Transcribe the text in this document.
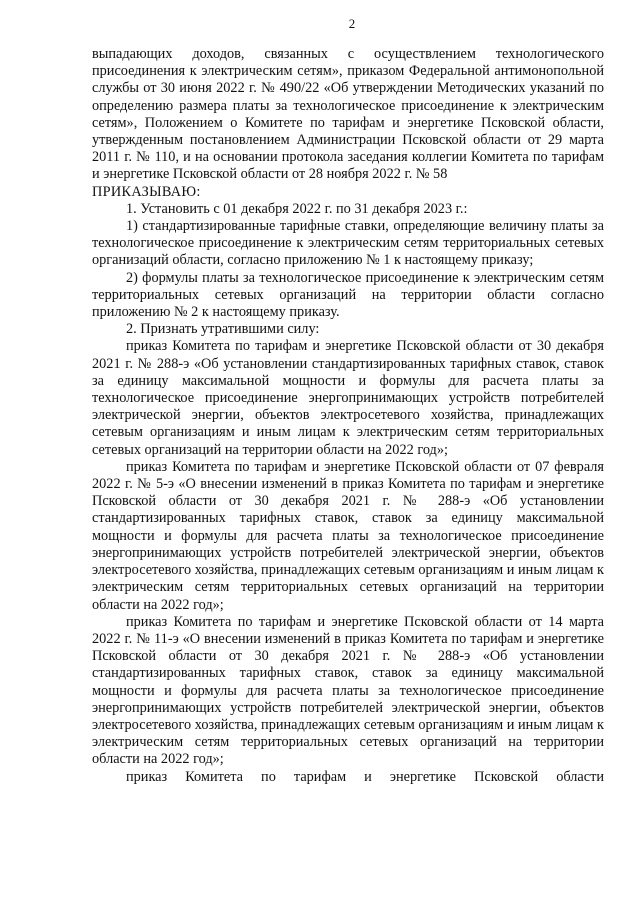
2

выпадающих доходов, связанных с осуществлением технологического присоединения к электрическим сетям», приказом Федеральной антимонопольной службы от 30 июня 2022 г. № 490/22 «Об утверждении Методических указаний по определению размера платы за технологическое присоединение к электрическим сетям», Положением о Комитете по тарифам и энергетике Псковской области, утвержденным постановлением Администрации Псковской области от 29 марта 2011 г. № 110, и на основании протокола заседания коллегии Комитета по тарифам и энергетике Псковской области от 28 ноября 2022 г. № 58

ПРИКАЗЫВАЮ:

1. Установить с 01 декабря 2022 г. по 31 декабря 2023 г.:

1) стандартизированные тарифные ставки, определяющие величину платы за технологическое присоединение к электрическим сетям территориальных сетевых организаций области, согласно приложению № 1 к настоящему приказу;

2) формулы платы за технологическое присоединение к электрическим сетям территориальных сетевых организаций на территории области согласно приложению № 2 к настоящему приказу.

2. Признать утратившими силу:

приказ Комитета по тарифам и энергетике Псковской области от 30 декабря 2021 г. № 288-э «Об установлении стандартизированных тарифных ставок, ставок за единицу максимальной мощности и формулы для расчета платы за технологическое присоединение энергопринимающих устройств потребителей электрической энергии, объектов электросетевого хозяйства, принадлежащих сетевым организациям и иным лицам к электрическим сетям территориальных сетевых организаций на территории области на 2022 год»;

приказ Комитета по тарифам и энергетике Псковской области от 07 февраля 2022 г. № 5-э «О внесении изменений в приказ Комитета по тарифам и энергетике Псковской области от 30 декабря 2021 г. № 288-э «Об установлении стандартизированных тарифных ставок, ставок за единицу максимальной мощности и формулы для расчета платы за технологическое присоединение энергопринимающих устройств потребителей электрической энергии, объектов электросетевого хозяйства, принадлежащих сетевым организациям и иным лицам к электрическим сетям территориальных сетевых организаций на территории области на 2022 год»;

приказ Комитета по тарифам и энергетике Псковской области от 14 марта 2022 г. № 11-э «О внесении изменений в приказ Комитета по тарифам и энергетике Псковской области от 30 декабря 2021 г. № 288-э «Об установлении стандартизированных тарифных ставок, ставок за единицу максимальной мощности и формулы для расчета платы за технологическое присоединение энергопринимающих устройств потребителей электрической энергии, объектов электросетевого хозяйства, принадлежащих сетевым организациям и иным лицам к электрическим сетям территориальных сетевых организаций на территории области на 2022 год»;

приказ Комитета по тарифам и энергетике Псковской области
